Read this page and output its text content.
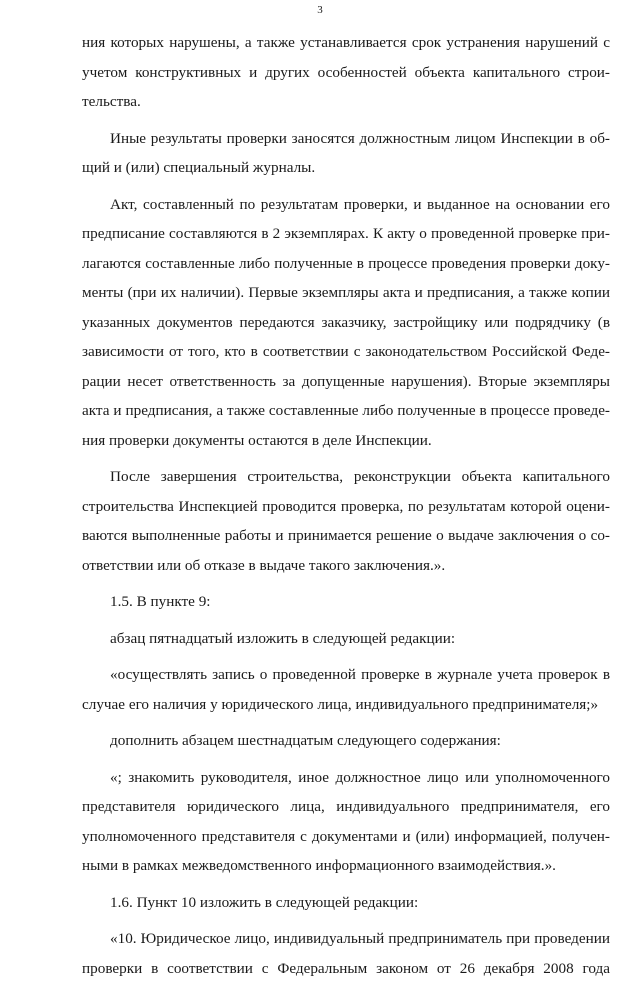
3
ния которых нарушены, а также устанавливается срок устранения нарушений с
учетом конструктивных и других особенностей объекта капитального строи-
тельства.
Иные результаты проверки заносятся должностным лицом Инспекции в об-
щий и (или) специальный журналы.
Акт, составленный по результатам проверки, и выданное на основании его
предписание составляются в 2 экземплярах. К акту о проведенной проверке при-
лагаются составленные либо полученные в процессе проведения проверки доку-
менты (при их наличии). Первые экземпляры акта и предписания, а также копии
указанных документов передаются заказчику, застройщику или подрядчику (в
зависимости от того, кто в соответствии с законодательством Российской Феде-
рации несет ответственность за допущенные нарушения). Вторые экземпляры
акта и предписания, а также составленные либо полученные в процессе проведе-
ния проверки документы остаются в деле Инспекции.
После завершения строительства, реконструкции объекта капитального
строительства Инспекцией проводится проверка, по результатам которой оцени-
ваются выполненные работы и принимается решение о выдаче заключения о со-
ответствии или об отказе в выдаче такого заключения.».
1.5. В пункте 9:
абзац пятнадцатый изложить в следующей редакции:
«осуществлять запись о проведенной проверке в журнале учета проверок в
случае его наличия у юридического лица, индивидуального предпринимателя;»
дополнить абзацем шестнадцатым следующего содержания:
«; знакомить руководителя, иное должностное лицо или уполномоченного
представителя юридического лица, индивидуального предпринимателя, его
уполномоченного представителя с документами и (или) информацией, получен-
ными в рамках межведомственного информационного взаимодействия.».
1.6. Пункт 10 изложить в следующей редакции:
«10. Юридическое лицо, индивидуальный предприниматель при проведении
проверки в соответствии с Федеральным законом от 26 декабря 2008 года
